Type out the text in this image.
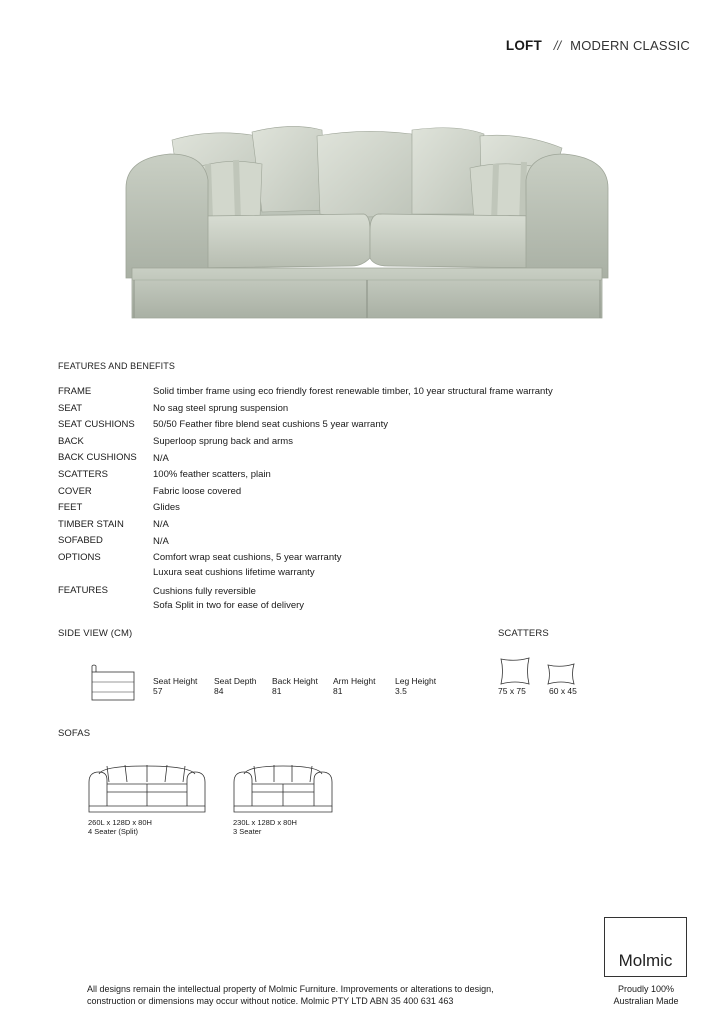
LOFT // MODERN CLASSIC
FEATURES AND BENEFITS
FRAME	Solid timber frame using eco friendly forest renewable timber, 10 year structural frame warranty
SEAT	No sag steel sprung suspension
SEAT CUSHIONS	50/50 Feather fibre blend seat cushions 5 year warranty
BACK	Superloop sprung back and arms
BACK CUSHIONS	N/A
SCATTERS	100% feather scatters, plain
COVER	Fabric loose covered
FEET	Glides
TIMBER STAIN	N/A
SOFABED	N/A
OPTIONS	Comfort wrap seat cushions, 5 year warranty
Luxura seat cushions lifetime warranty
FEATURES	Cushions fully reversible
Sofa Split in two for ease of delivery
SIDE VIEW (CM)
Seat Height
57
Seat Depth
84
Back Height
81
Arm Height
81
Leg Height
3.5
SCATTERS
75 x 75	60 x 45
SOFAS
260L x 128D x 80H
4 Seater (Split)
230L x 128D x 80H
3 Seater
Molmic
Proudly 100%
Australian Made
All designs remain the intellectual property of Molmic Furniture. Improvements or alterations to design,
construction or dimensions may occur without notice. Molmic PTY LTD ABN 35 400 631 463
